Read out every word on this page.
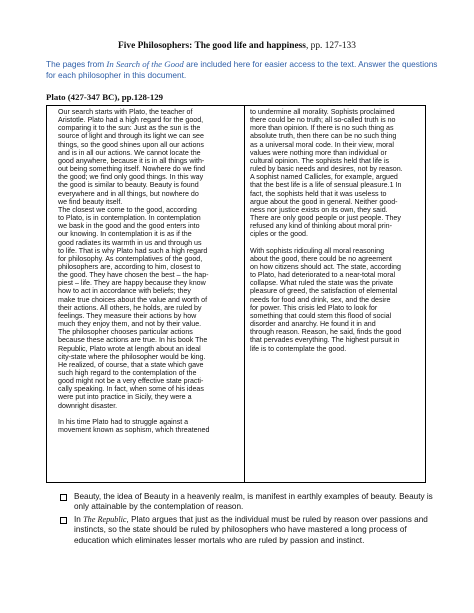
Five Philosophers: The good life and happiness, pp. 127-133
The pages from In Search of the Good are included here for easier access to the text. Answer the questions for each philosopher in this document.
Plato (427-347 BC), pp.128-129

Our search starts with Plato, the teacher of

Aristotle. Plato had a high regard for the good,

comparing it to the sun: Just as the sun is the

source of light and through its light we can see

things, so the good shines upon all our actions

and is in all our actions. We cannot locate the

good anywhere, because it is in all things with-

out being something itself. Nowhere do we find

the good; we find only good things. In this way

the good is similar to beauty. Beauty is found

everywhere and in all things, but nowhere do

we find beauty itself.

The closest we come to the good, according

to Plato, is in contemplation. In contemplation

we bask in the good and the good enters into

our knowing. In contemplation it is as if the

good radiates its warmth in us and through us

to life. That is why Plato had such a high regard

for philosophy. As contemplatives of the good,

philosophers are, according to him, closest to

the good. They have chosen the best – the hap-

piest – life. They are happy because they know

how to act in accordance with beliefs; they

make true choices about the value and worth of

their actions. All others, he holds, are ruled by

feelings. They measure their actions by how

much they enjoy them, and not by their value.

The philosopher chooses particular actions

because these actions are true. In his book The

Republic, Plato wrote at length about an ideal

city-state where the philosopher would be king.

He realized, of course, that a state which gave

such high regard to the contemplation of the

good might not be a very effective state practi-

cally speaking. In fact, when some of his ideas

were put into practice in Sicily, they were a

downright disaster.

In his time Plato had to struggle against a

movement known as sophism, which threatened

to undermine all morality. Sophists proclaimed

there could be no truth; all so-called truth is no

more than opinion. If there is no such thing as

absolute truth, then there can be no such thing

as a universal moral code. In their view, moral

values were nothing more than individual or

cultural opinion. The sophists held that life is

ruled by basic needs and desires, not by reason.

A sophist named Callicles, for example, argued

that the best life is a life of sensual pleasure.1 In

fact, the sophists held that it was useless to

argue about the good in general. Neither good-

ness nor justice exists on its own, they said.

There are only good people or just people. They

refused any kind of thinking about moral prin-

ciples or the good.

With sophists ridiculing all moral reasoning

about the good, there could be no agreement

on how citizens should act. The state, according

to Plato, had deteriorated to a near-total moral

collapse. What ruled the state was the private

pleasure of greed, the satisfaction of elemental

needs for food and drink, sex, and the desire

for power. This crisis led Plato to look for

something that could stem this flood of social

disorder and anarchy. He found it in and

through reason. Reason, he said, finds the good

that pervades everything. The highest pursuit in

life is to contemplate the good.

Beauty, the idea of Beauty in a heavenly realm, is manifest in earthly examples of beauty. Beauty is only attainable by the contemplation of reason.
In The Republic, Plato argues that just as the individual must be ruled by reason over passions and instincts, so the state should be ruled by philosophers who have mastered a long process of education which eliminates lesser mortals who are ruled by passion and instinct.
